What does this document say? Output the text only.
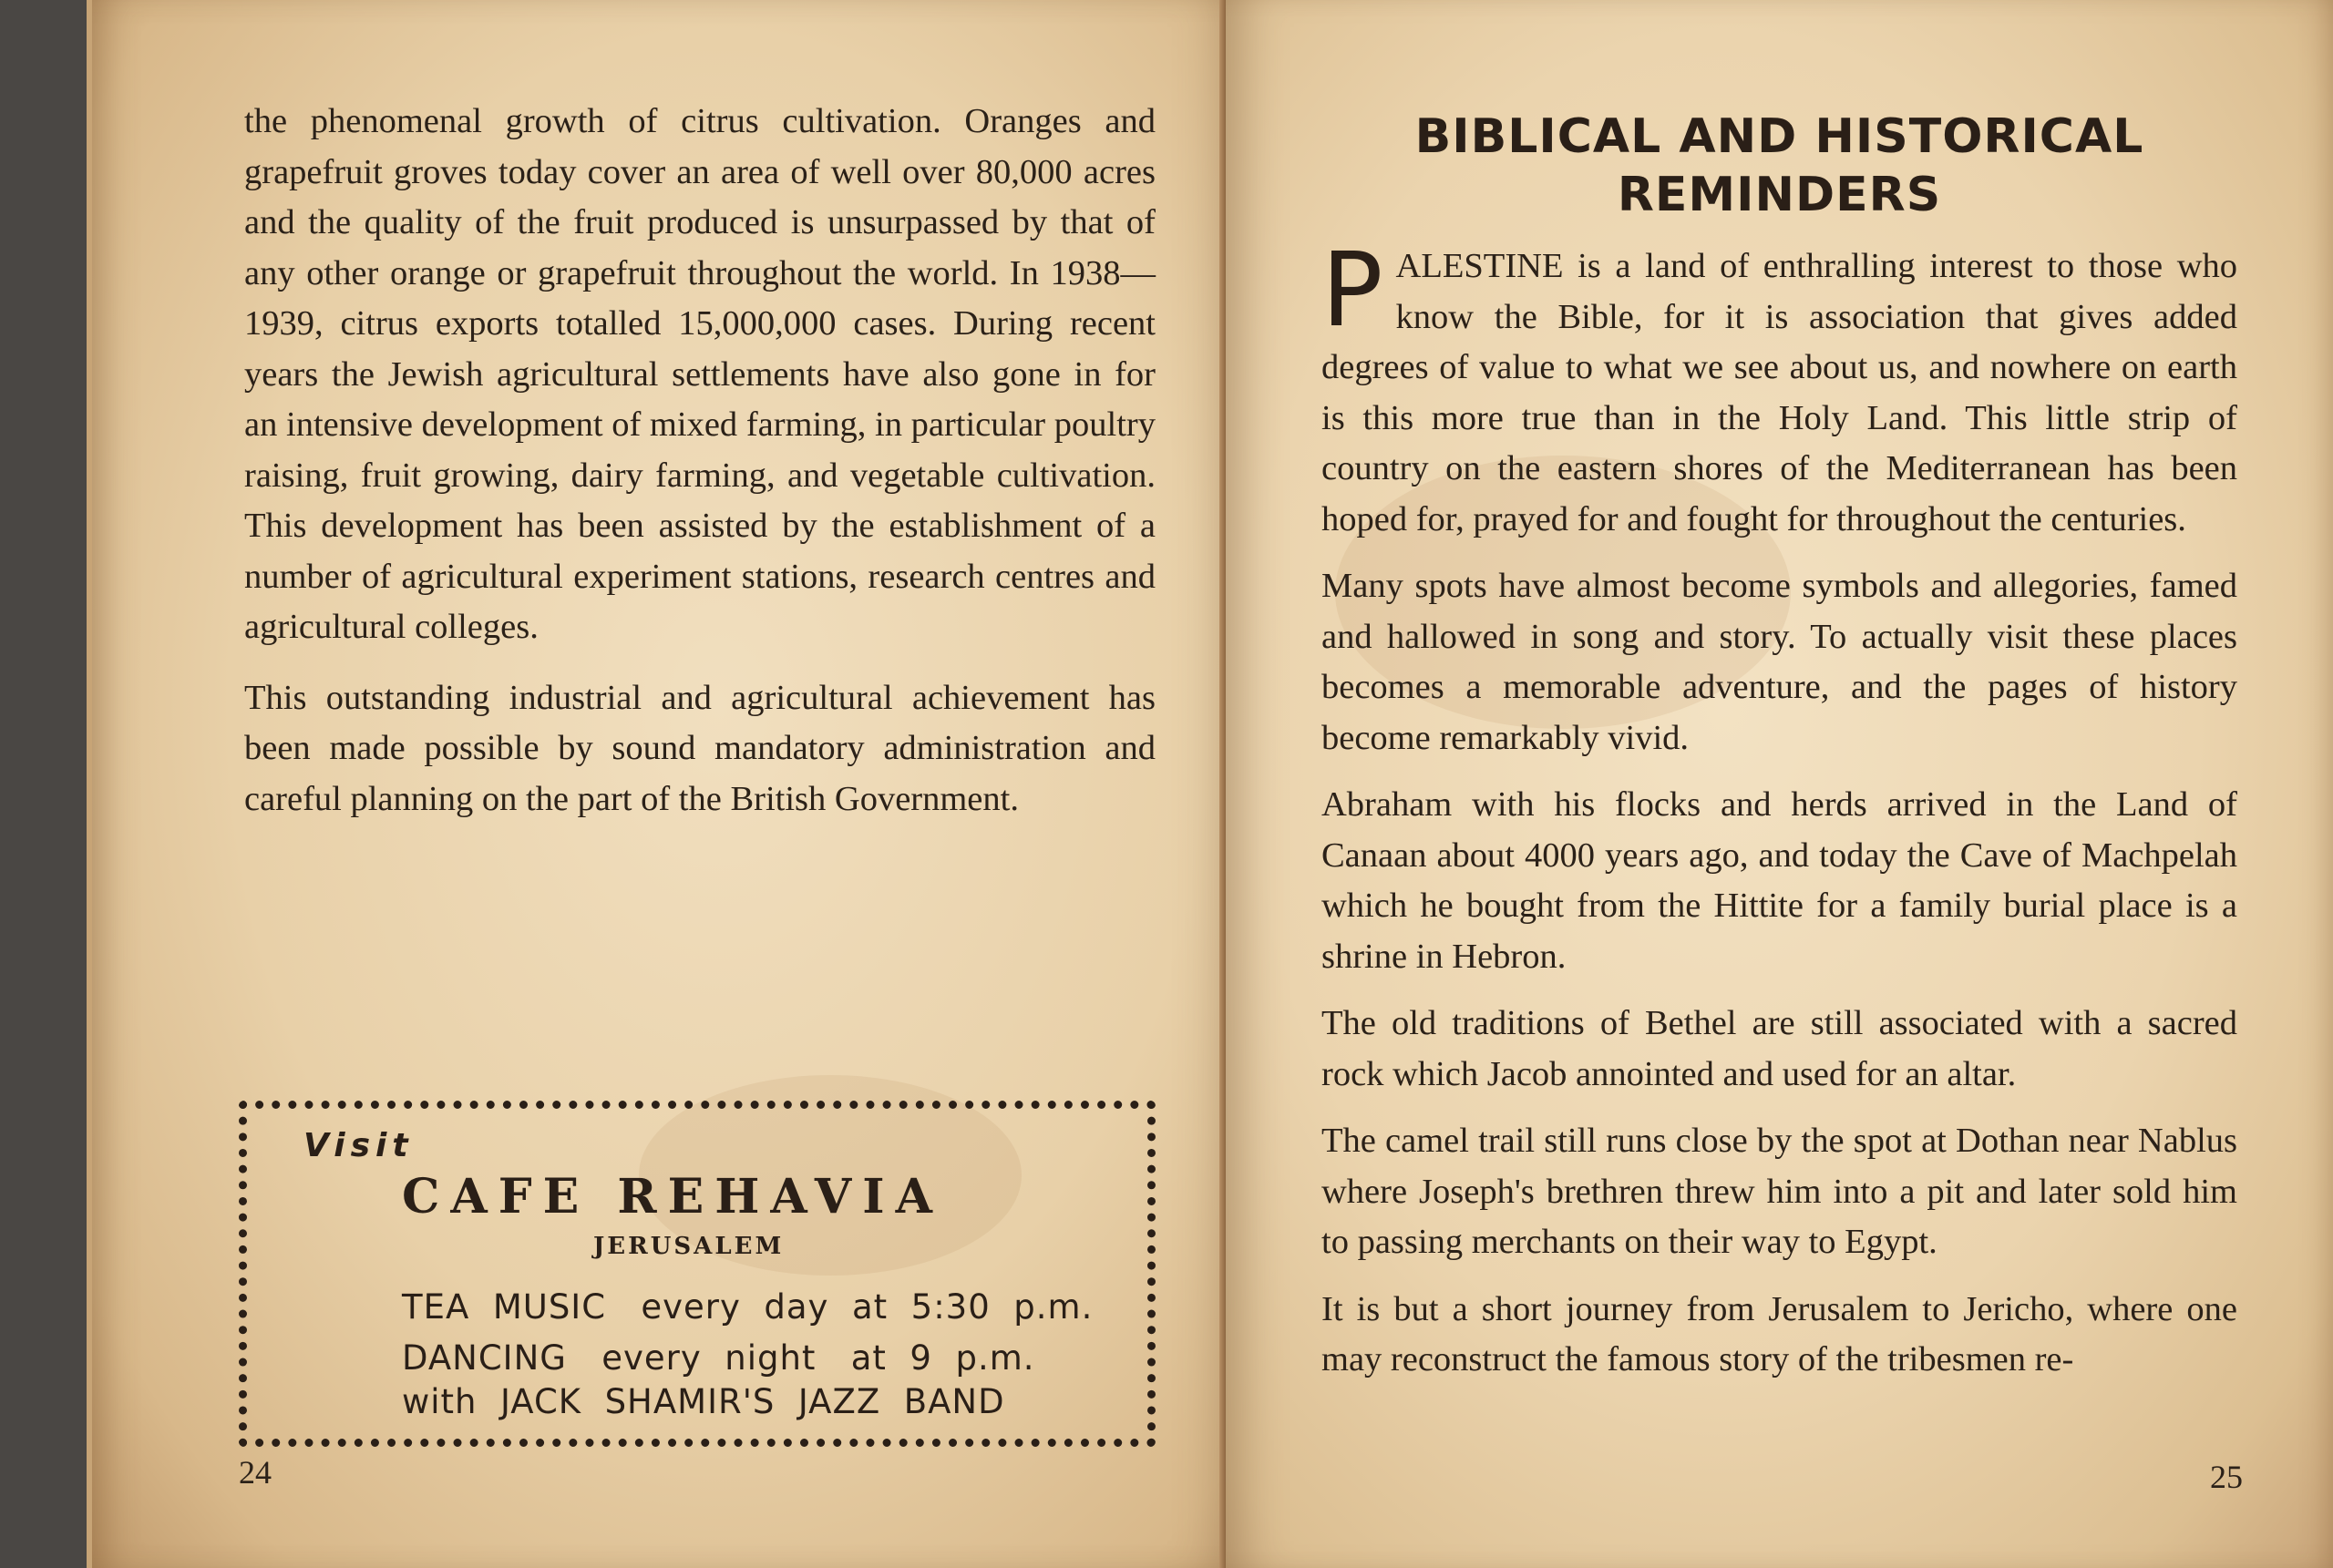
the phenomenal growth of citrus cultivation. Oranges and grapefruit groves today cover an area of well over 80,000 acres and the quality of the fruit produced is unsurpassed by that of any other orange or grapefruit throughout the world. In 1938—1939, citrus exports totalled 15,000,000 cases. During recent years the Jewish agricultural settlements have also gone in for an intensive development of mixed farming, in particular poultry raising, fruit growing, dairy farming, and vegetable cultivation. This development has been assisted by the establishment of a number of agricultural experiment stations, research centres and agricultural colleges.

This outstanding industrial and agricultural achievement has been made possible by sound mandatory administration and careful planning on the part of the British Government.

Visit
CAFE REHAVIA
JERUSALEM
TEA  MUSIC   every  day  at  5:30  p.m.
DANCING   every  night   at  9  p.m.
with  JACK  SHAMIR'S  JAZZ  BAND
24
BIBLICAL AND HISTORICAL REMINDERS

PALESTINE is a land of enthralling interest to those who know the Bible, for it is association that gives added degrees of value to what we see about us, and nowhere on earth is this more true than in the Holy Land. This little strip of country on the eastern shores of the Mediterranean has been hoped for, prayed for and fought for throughout the centuries.

Many spots have almost become symbols and allegories, famed and hallowed in song and story. To actually visit these places becomes a memorable adventure, and the pages of history become remarkably vivid.

Abraham with his flocks and herds arrived in the Land of Canaan about 4000 years ago, and today the Cave of Machpelah which he bought from the Hittite for a family burial place is a shrine in Hebron.

The old traditions of Bethel are still associated with a sacred rock which Jacob annointed and used for an altar.

The camel trail still runs close by the spot at Dothan near Nablus where Joseph's brethren threw him into a pit and later sold him to passing merchants on their way to Egypt.

It is but a short journey from Jerusalem to Jericho, where one may reconstruct the famous story of the tribesmen re-

25
